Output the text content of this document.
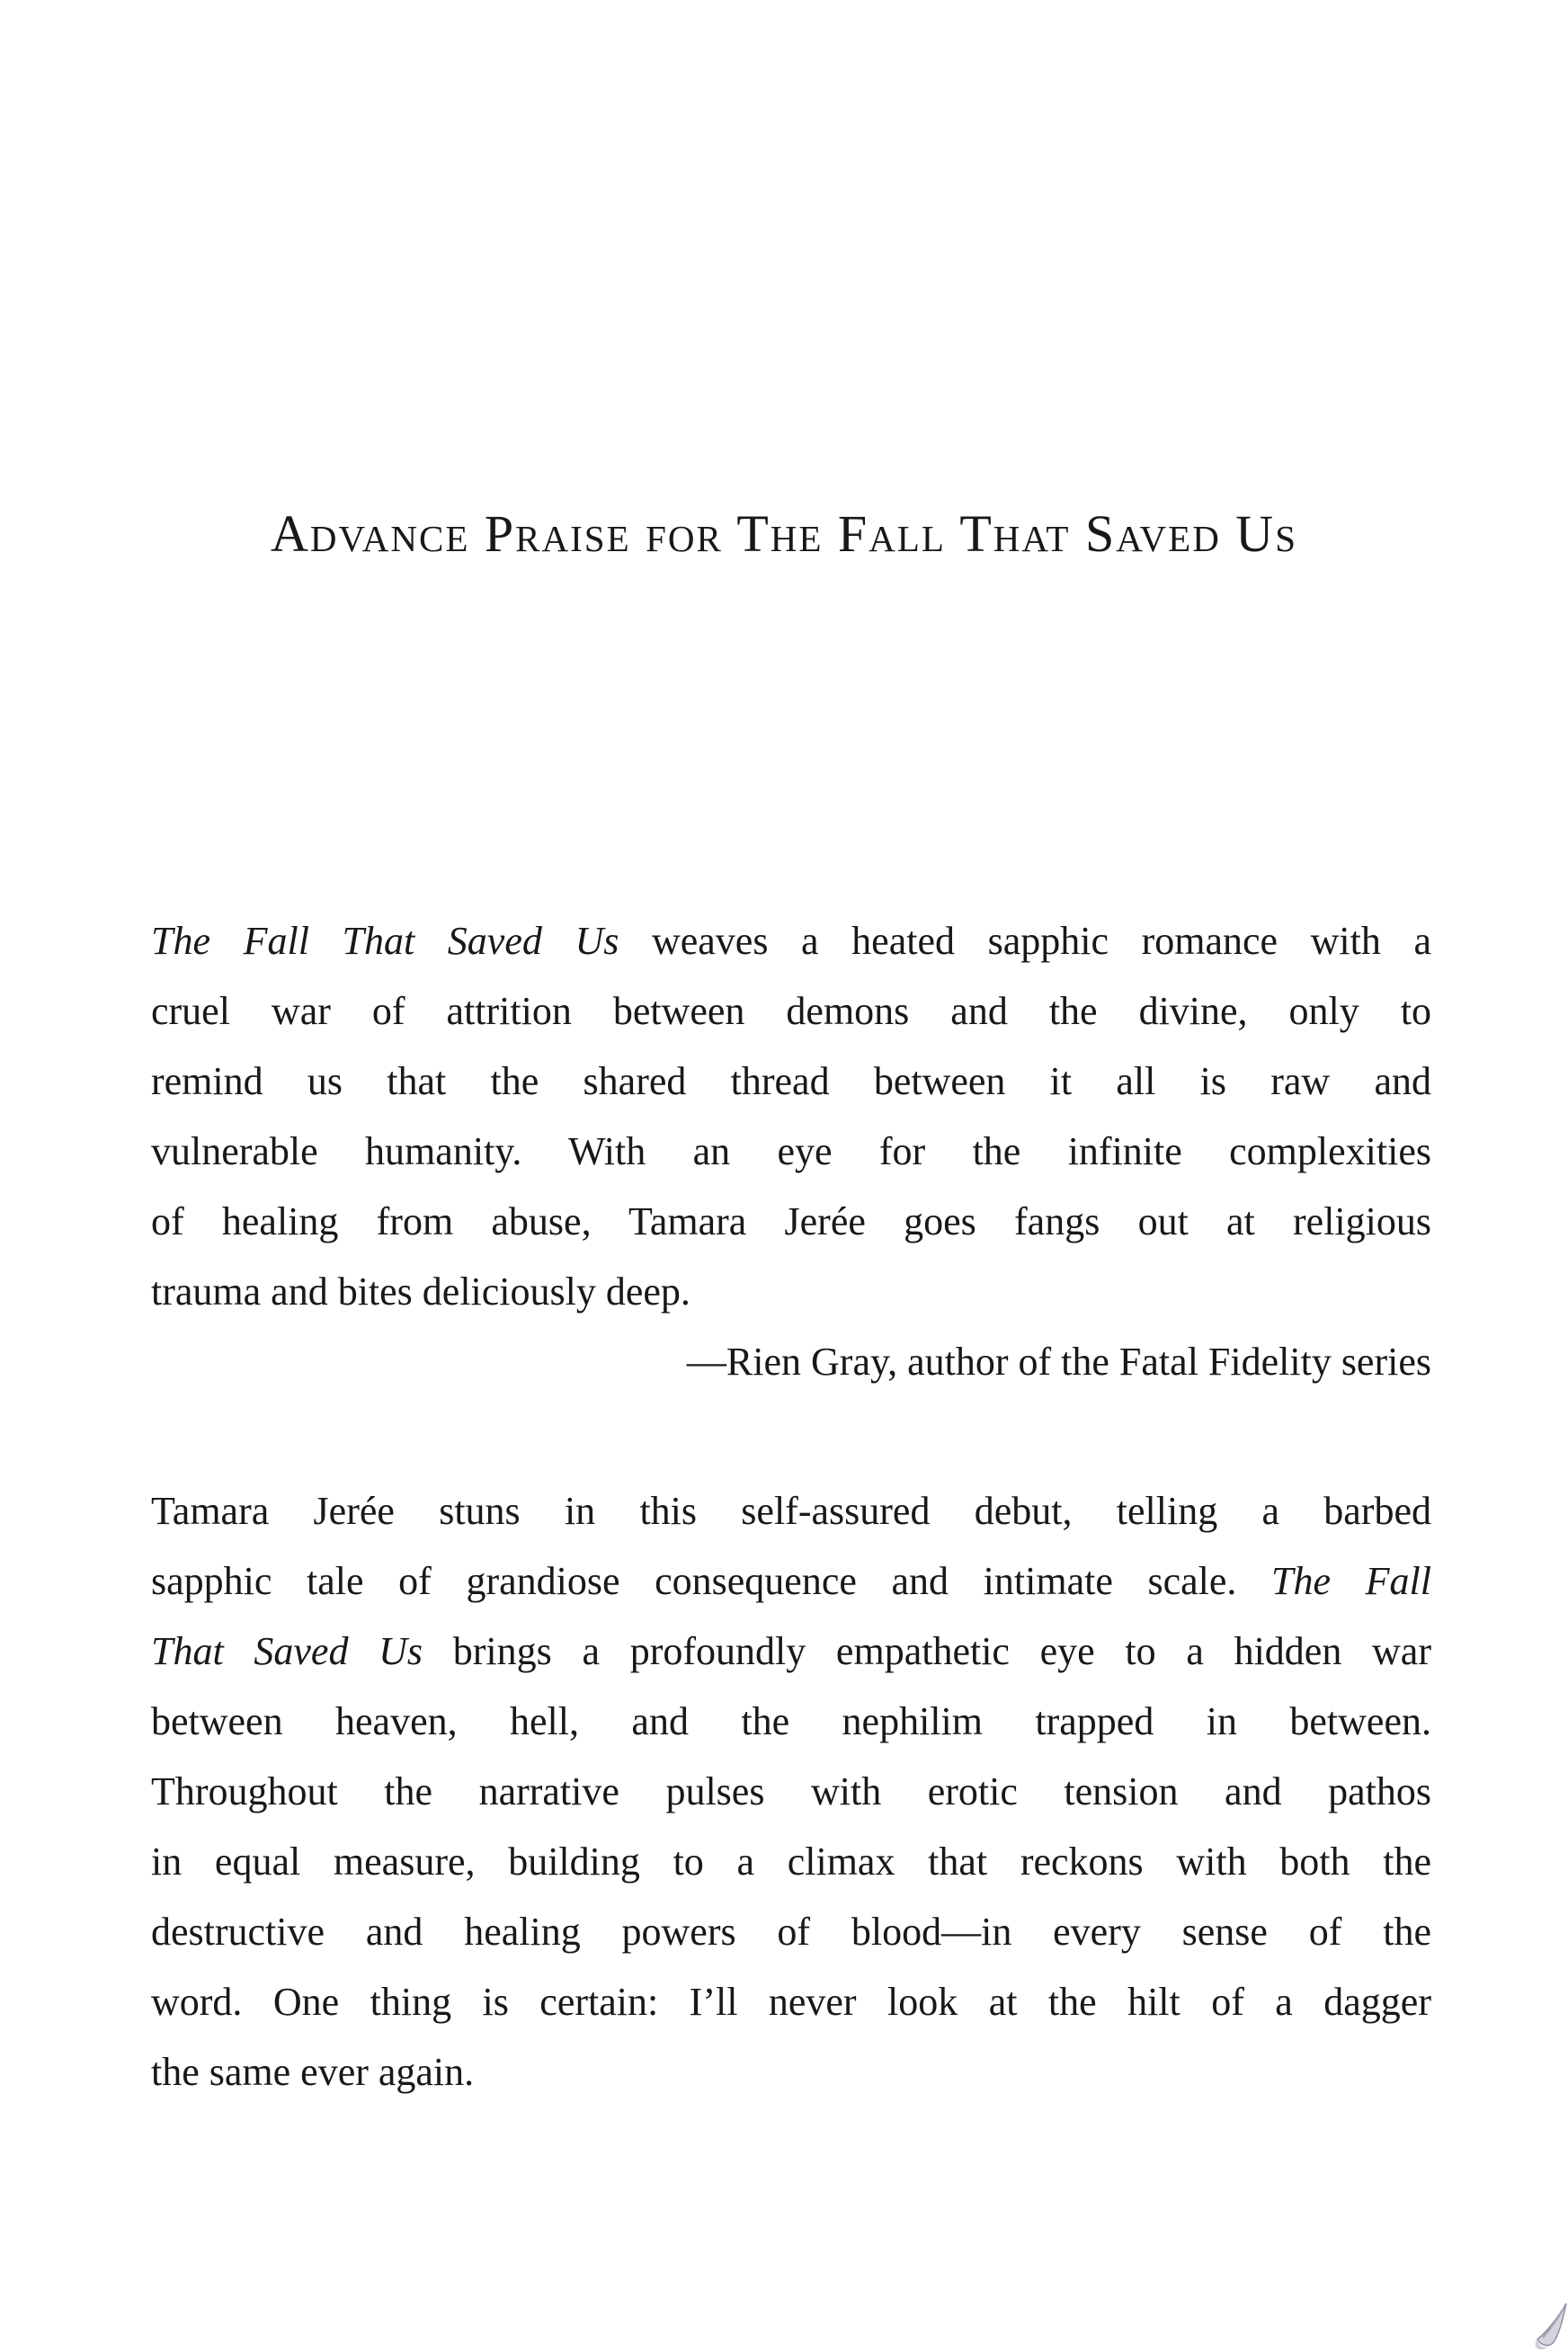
Advance Praise for The Fall That Saved Us
The Fall That Saved Us weaves a heated sapphic romance with a
cruel war of attrition between demons and the divine, only to
remind us that the shared thread between it all is raw and
vulnerable humanity. With an eye for the infinite complexities
of healing from abuse, Tamara Jerée goes fangs out at religious
trauma and bites deliciously deep.
—Rien Gray, author of the Fatal Fidelity series
Tamara Jerée stuns in this self-assured debut, telling a barbed
sapphic tale of grandiose consequence and intimate scale. The Fall
That Saved Us brings a profoundly empathetic eye to a hidden war
between heaven, hell, and the nephilim trapped in between.
Throughout the narrative pulses with erotic tension and pathos
in equal measure, building to a climax that reckons with both the
destructive and healing powers of blood—in every sense of the
word. One thing is certain: I’ll never look at the hilt of a dagger
the same ever again.
